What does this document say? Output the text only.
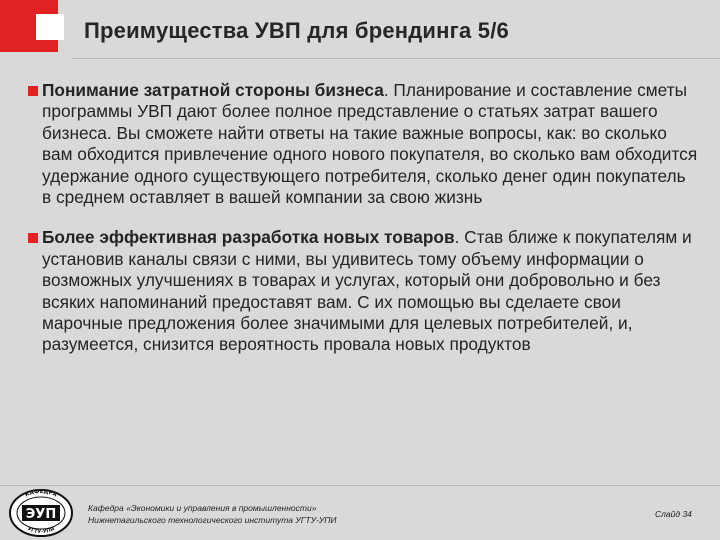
Преимущества УВП для брендинга 5/6
Понимание затратной стороны бизнеса. Планирование и составление сметы программы УВП дают более полное представление о статьях затрат вашего бизнеса. Вы сможете найти ответы на такие важные вопросы, как: во сколько вам обходится привлечение одного нового покупателя, во сколько вам обходится удержание одного существующего потребителя, сколько денег один покупатель в среднем оставляет в вашей компании за свою жизнь
Более эффективная разработка новых товаров. Став ближе к покупателям и установив каналы связи с ними, вы удивитесь тому объему информации о возможных улучшениях в товарах и услугах, который они добровольно и без всяких напоминаний предоставят вам. С их помощью вы сделаете свои марочные предложения более значимыми для целевых потребителей, и, разумеется, снизится вероятность провала новых продуктов
КАФЕДРА
УГТУ-УПИ
ЭУП	Кафедра «Экономики и управления в промышленности»
Нижнетагильского технологического института УГТУ-УПИ
Слайд 34
